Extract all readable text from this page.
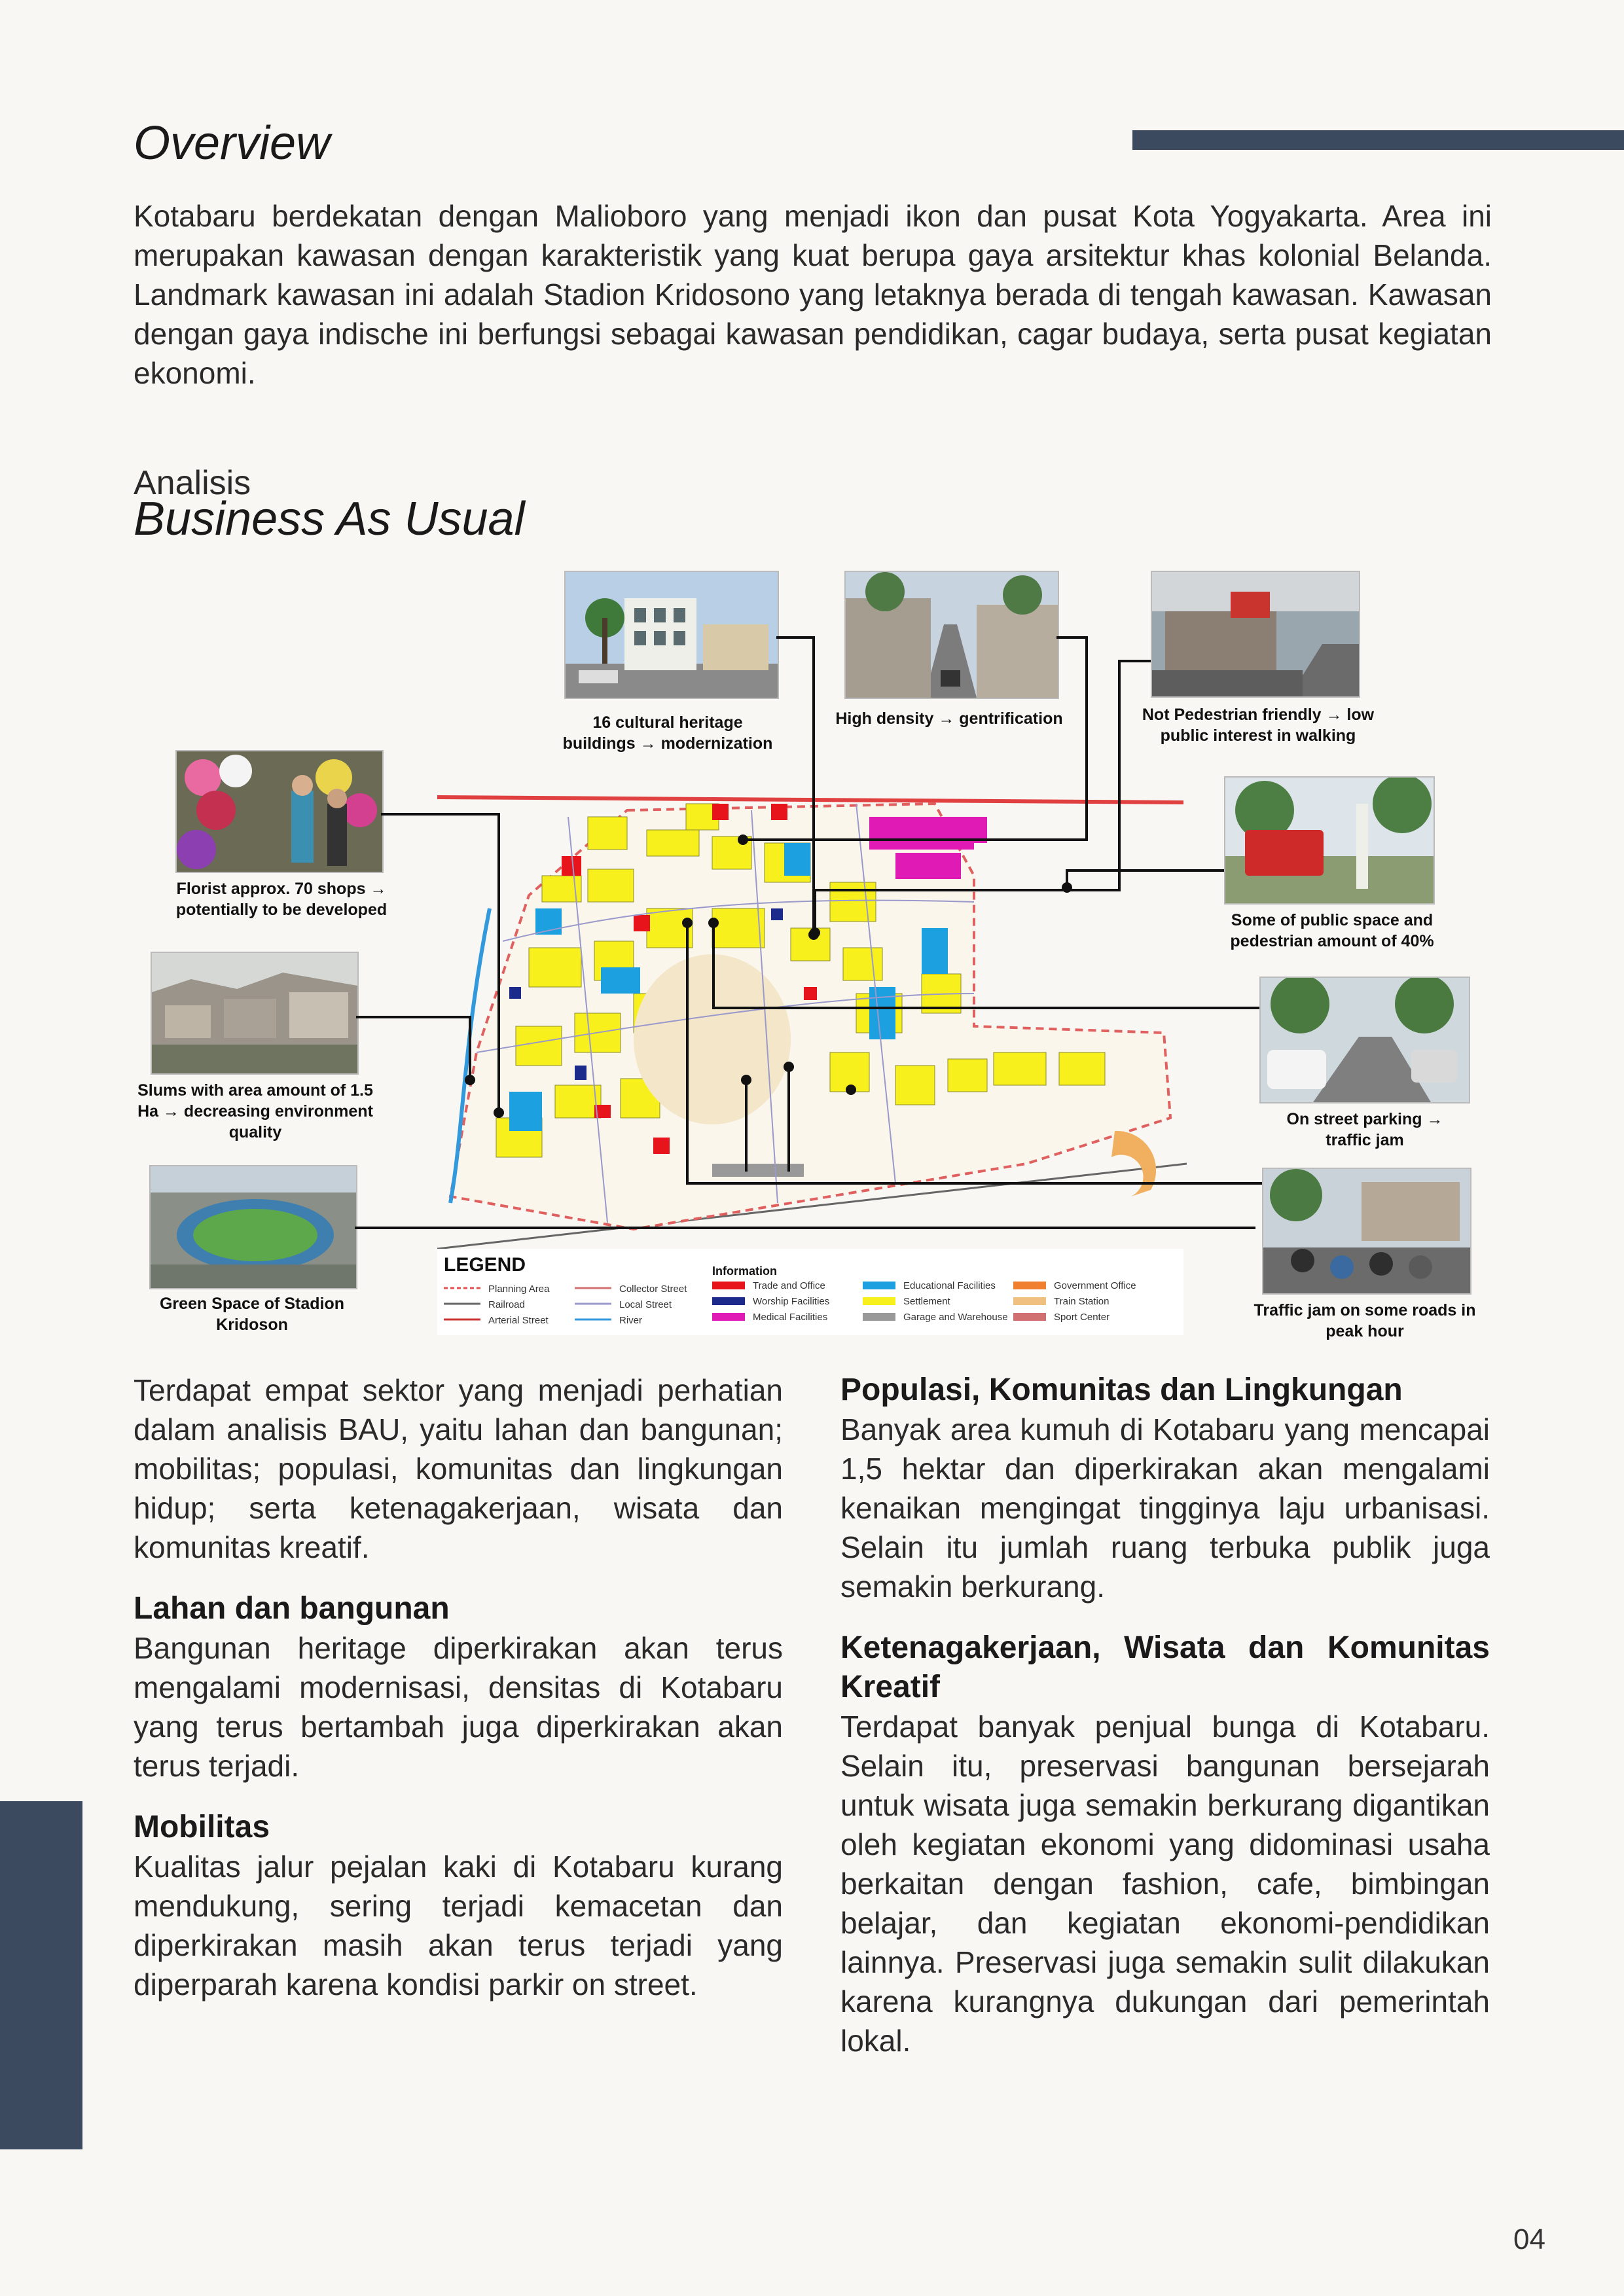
Overview

Kotabaru berdekatan dengan Malioboro yang menjadi ikon dan pusat Kota Yogyakarta. Area ini merupakan kawasan dengan karakteristik yang kuat berupa gaya arsitektur khas kolonial Belanda. Landmark kawasan ini adalah Stadion Kridosono yang letaknya berada di tengah kawasan. Kawasan dengan gaya indische ini berfungsi sebagai kawasan pendidikan, cagar budaya, serta pusat kegiatan ekonomi.

Analisis
Business As Usual
16 cultural heritage buildings → modernization
High density → gentrification	Not Pedestrian friendly → low public interest in walking
Florist approx. 70 shops → potentially to be developed
Some of public space and pedestrian amount of 40%
Slums with area amount of 1.5 Ha → decreasing environment quality
On street parking → traffic jam
Green Space of Stadion Kridoson
Traffic jam on some roads in peak hour
LEGEND	Information
Planning Area
Railroad
Arterial Street
Collector Street
Local Street
River
Trade and Office
Worship Facilities
Medical Facilities
Educational Facilities
Settlement
Garage and Warehouse
Government Office
Train Station
Sport Center

Terdapat empat sektor yang menjadi perhatian dalam analisis BAU, yaitu lahan dan bangunan; mobilitas; populasi, komunitas dan lingkungan hidup; serta ketenagakerjaan, wisata dan komunitas kreatif.

Lahan dan bangunan

Bangunan heritage diperkirakan akan terus mengalami modernisasi, densitas di Kotabaru yang terus bertambah juga diperkirakan akan terus terjadi.

Mobilitas

Kualitas jalur pejalan kaki di Kotabaru kurang mendukung, sering terjadi kemacetan dan diperkirakan masih akan terus terjadi yang diperparah karena kondisi parkir on street.

Populasi, Komunitas dan Lingkungan

Banyak area kumuh di Kotabaru yang mencapai 1,5 hektar dan diperkirakan akan mengalami kenaikan mengingat tingginya laju urbanisasi. Selain itu jumlah ruang terbuka publik juga semakin berkurang.

Ketenagakerjaan, Wisata dan Komunitas Kreatif

Terdapat banyak penjual bunga di Kotabaru. Selain itu, preservasi bangunan bersejarah untuk wisata juga semakin berkurang digantikan oleh kegiatan ekonomi yang didominasi usaha berkaitan dengan fashion, cafe, bimbingan belajar, dan kegiatan ekonomi-pendidikan lainnya. Preservasi juga semakin sulit dilakukan karena kurangnya dukungan dari pemerintah lokal.

04
